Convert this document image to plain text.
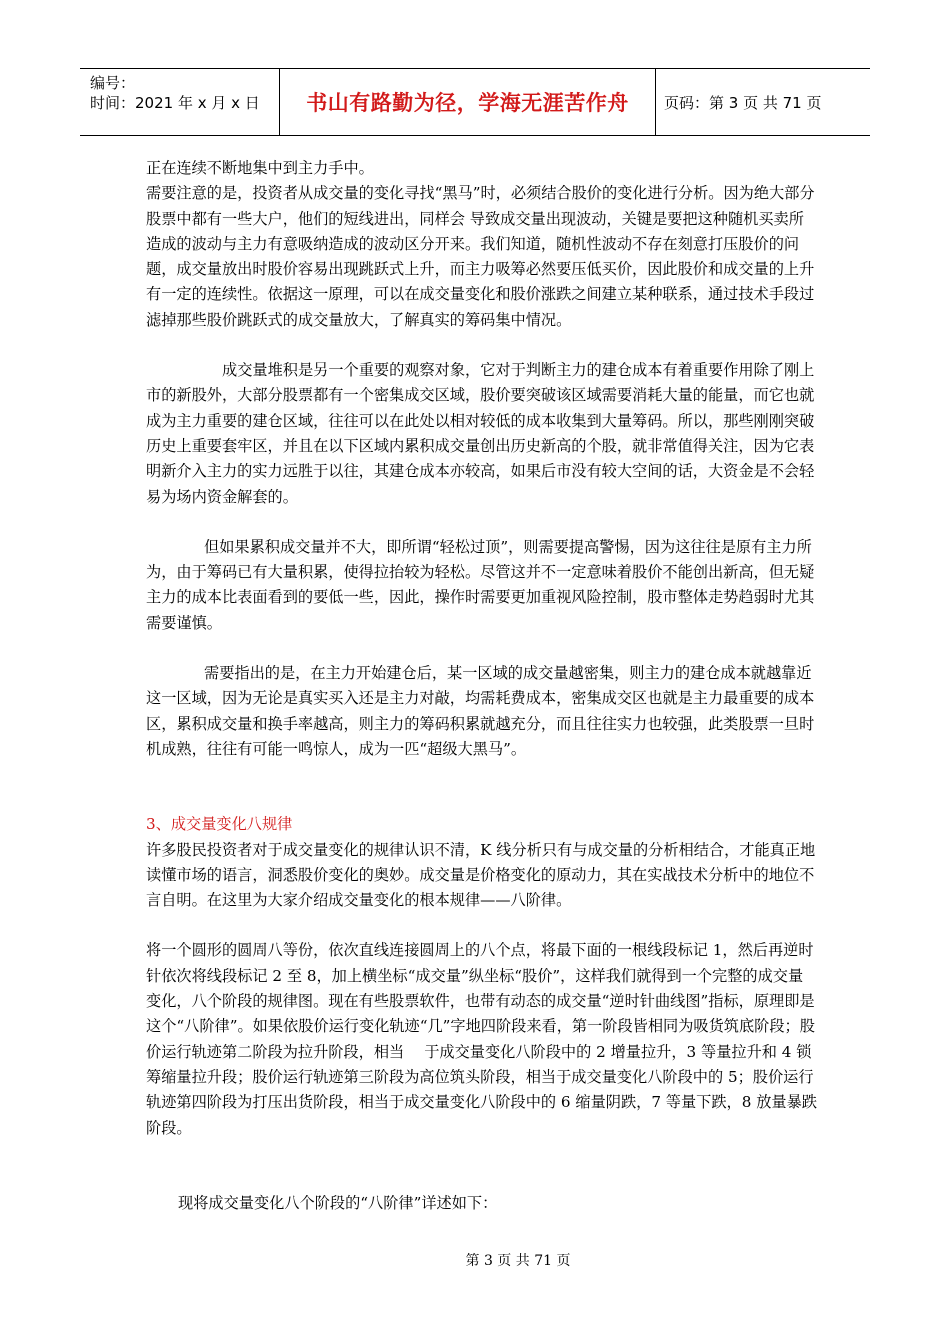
编号：
时间：2021 年 x 月 x 日	书山有路勤为径，学海无涯苦作舟	页码：第 3 页 共 71 页

正在连续不断地集中到主力手中。

需要注意的是，投资者从成交量的变化寻找“黑马”时，必须结合股价的变化进行分析。因为绝大部分股票中都有一些大户，他们的短线进出，同样会 导致成交量出现波动，关键是要把这种随机买卖所造成的波动与主力有意吸纳造成的波动区分开来。我们知道，随机性波动不存在刻意打压股价的问题，成交量放出时股价容易出现跳跃式上升，而主力吸筹必然要压低买价，因此股价和成交量的上升有一定的连续性。依据这一原理，可以在成交量变化和股价涨跌之间建立某种联系，通过技术手段过滤掉那些股价跳跃式的成交量放大，了解真实的筹码集中情况。

成交量堆积是另一个重要的观察对象，它对于判断主力的建仓成本有着重要作用除了刚上市的新股外，大部分股票都有一个密集成交区域，股价要突破该区域需要消耗大量的能量，而它也就成为主力重要的建仓区域，往往可以在此处以相对较低的成本收集到大量筹码。所以，那些刚刚突破历史上重要套牢区，并且在以下区域内累积成交量创出历史新高的个股，就非常值得关注，因为它表明新介入主力的实力远胜于以往，其建仓成本亦较高，如果后市没有较大空间的话，大资金是不会轻易为场内资金解套的。

但如果累积成交量并不大，即所谓“轻松过顶”，则需要提高警惕，因为这往往是原有主力所为，由于筹码已有大量积累，使得拉抬较为轻松。尽管这并不一定意味着股价不能创出新高，但无疑主力的成本比表面看到的要低一些，因此，操作时需要更加重视风险控制，股市整体走势趋弱时尤其需要谨慎。

需要指出的是，在主力开始建仓后，某一区域的成交量越密集，则主力的建仓成本就越靠近这一区域，因为无论是真实买入还是主力对敲，均需耗费成本，密集成交区也就是主力最重要的成本区，累积成交量和换手率越高，则主力的筹码积累就越充分，而且往往实力也较强，此类股票一旦时机成熟，往往有可能一鸣惊人，成为一匹“超级大黑马”。

3、成交量变化八规律

许多股民投资者对于成交量变化的规律认识不清，K 线分析只有与成交量的分析相结合，才能真正地读懂市场的语言，洞悉股价变化的奥妙。成交量是价格变化的原动力，其在实战技术分析中的地位不言自明。在这里为大家介绍成交量变化的根本规律——八阶律。

将一个圆形的圆周八等份，依次直线连接圆周上的八个点，将最下面的一根线段标记 1，然后再逆时针依次将线段标记 2 至 8，加上横坐标“成交量”纵坐标“股价”，这样我们就得到一个完整的成交量变化，八个阶段的规律图。现在有些股票软件，也带有动态的成交量“逆时针曲线图”指标，原理即是这个“八阶律”。如果依股价运行变化轨迹“几”字地四阶段来看，第一阶段皆相同为吸货筑底阶段；股价运行轨迹第二阶段为拉升阶段，相当　 于成交量变化八阶段中的 2 增量拉升，3 等量拉升和 4 锁筹缩量拉升段；股价运行轨迹第三阶段为高位筑头阶段，相当于成交量变化八阶段中的 5；股价运行轨迹第四阶段为打压出货阶段，相当于成交量变化八阶段中的 6 缩量阴跌，7 等量下跌，8 放量暴跌阶段。

现将成交量变化八个阶段的“八阶律”详述如下：

第 3 页 共 71 页
